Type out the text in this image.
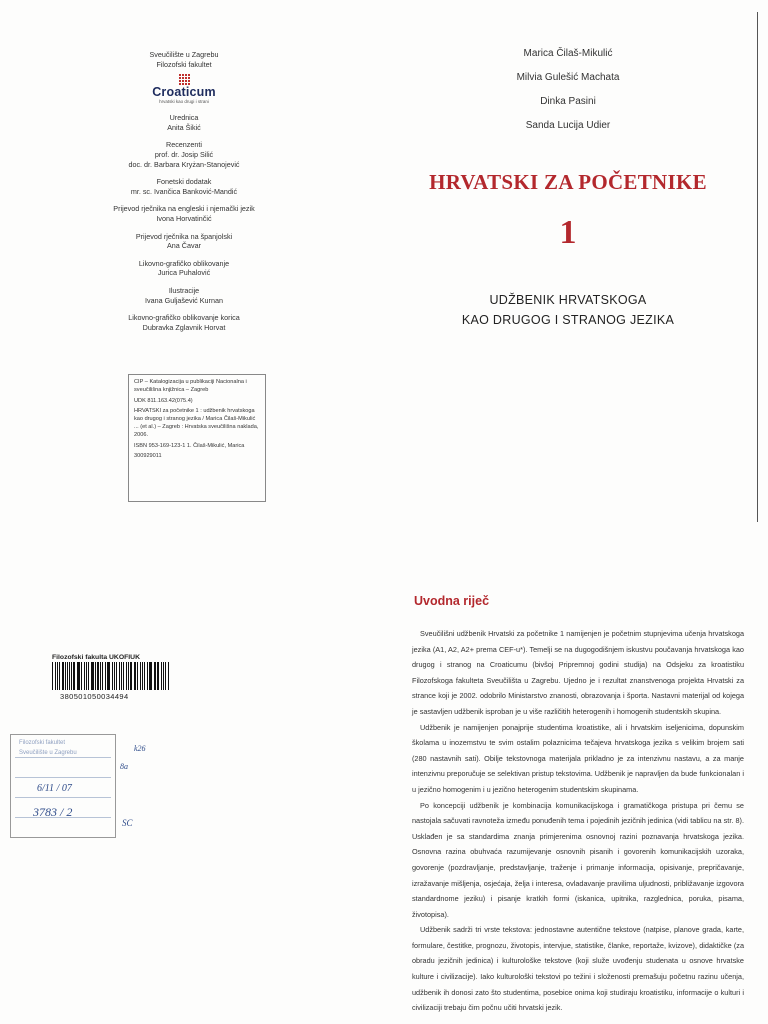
Sveučilište u Zagrebu
Filozofski fakultet
Croaticum
hrvatski kao drugi i strani
Urednica
Anita Šikić
Recenzenti
prof. dr. Josip Silić
doc. dr. Barbara Kryżan-Stanojević
Fonetski dodatak
mr. sc. Ivančica Banković-Mandić
Prijevod rječnika na engleski i njemački jezik
Ivona Horvatinčić
Prijevod rječnika na španjolski
Ana Čavar
Likovno-grafičko oblikovanje
Jurica Puhalović
Ilustracije
Ivana Guljašević Kurnan
Likovno-grafičko oblikovanje korica
Dubravka Zglavnik Horvat
CIP – Katalogizacija u publikaciji Nacionalna i sveučilišna knjižnica – Zagreb
UDK 811.163.42(075.4)
HRVATSKI za početnike 1 : udžbenik hrvatskoga kao drugog i stranog jezika / Marica Čilaš-Mikulić ... (et al.) – Zagreb : Hrvatska sveučilišna naklada, 2006.
ISBN 953-169-123-1 1. Čilaš-Mikulić, Marica
300929011
Marica Čilaš-Mikulić
Milvia Gulešić Machata
Dinka Pasini
Sanda Lucija Udier
HRVATSKI ZA POČETNIKE
1
UDŽBENIK HRVATSKOGA
KAO DRUGOG I STRANOG JEZIKA
Filozofski fakulta UKOFIUK
380501050034494
Filozofski fakultet
Sveučilište u Zagrebu
6/11 / 07
3783 / 2
k26
8a
SC
Uvodna riječ

Sveučilišni udžbenik Hrvatski za početnike 1 namijenjen je početnim stupnjevima učenja hrvatskoga jezika (A1, A2, A2+ prema CEF-u*). Temelji se na dugogodišnjem iskustvu poučavanja hrvatskoga kao drugog i stranog na Croaticumu (bivšoj Pripremnoj godini studija) na Odsjeku za kroatistiku Filozofskoga fakulteta Sveučilišta u Zagrebu. Ujedno je i rezultat znanstvenoga projekta Hrvatski za strance koji je 2002. odobrilo Ministarstvo znanosti, obrazovanja i športa. Nastavni materijal od kojega je sastavljen udžbenik isproban je u više različitih heterogenih i homogenih studentskih skupina.

Udžbenik je namijenjen ponajprije studentima kroatistike, ali i hrvatskim iseljenicima, dopunskim školama u inozemstvu te svim ostalim polaznicima tečajeva hrvatskoga jezika s velikim brojem sati (280 nastavnih sati). Obilje tekstovnoga materijala prikladno je za intenzivnu nastavu, a za manje intenzivnu preporučuje se selektivan pristup tekstovima. Udžbenik je napravljen da bude funkcionalan i u jezično homogenim i u jezično heterogenim studentskim skupinama.

Po koncepciji udžbenik je kombinacija komunikacijskoga i gramatičkoga pristupa pri čemu se nastojala sačuvati ravnoteža između ponuđenih tema i pojedinih jezičnih jedinica (vidi tablicu na str. 8). Usklađen je sa standardima znanja primjerenima osnovnoj razini poznavanja hrvatskoga jezika. Osnovna razina obuhvaća razumijevanje osnovnih pisanih i govorenih komunikacijskih uzoraka, govorenje (pozdravljanje, predstavljanje, traženje i primanje informacija, opisivanje, prepričavanje, izražavanje mišljenja, osjećaja, želja i interesa, ovladavanje pravilima uljudnosti, približavanje izgovora standardnome jeziku) i pisanje kratkih formi (iskanica, upitnika, razglednica, poruka, pisama, životopisa).

Udžbenik sadrži tri vrste tekstova: jednostavne autentične tekstove (natpise, planove grada, karte, formulare, čestitke, prognozu, životopis, intervjue, statistike, članke, reportaže, kvizove), didaktičke (za obradu jezičnih jedinica) i kulturološke tekstove (koji služe uvođenju studenata u osnove hrvatske kulture i civilizacije). Iako kulturološki tekstovi po težini i složenosti premašuju početnu razinu učenja, udžbenik ih donosi zato što studentima, posebice onima koji studiraju kroatistiku, informacije o kulturi i civilizaciji trebaju čim počnu učiti hrvatski jezik.
